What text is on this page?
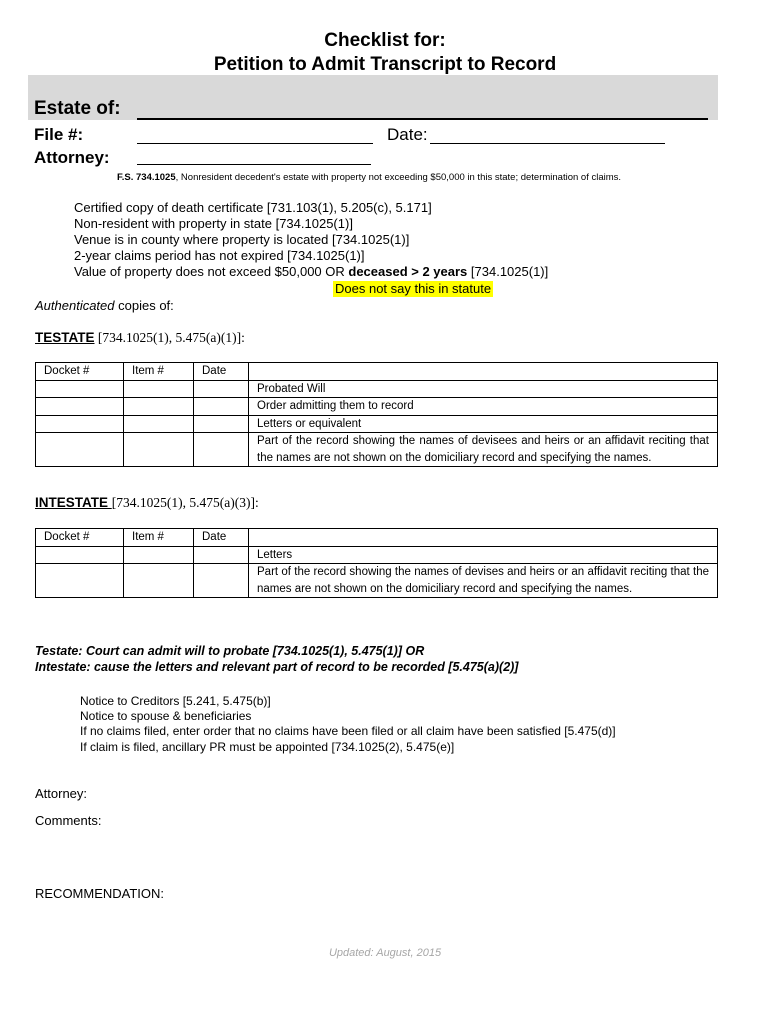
Checklist for:
Petition to Admit Transcript to Record
Estate of:
File #:	Date:
Attorney:
F.S. 734.1025, Nonresident decedent's estate with property not exceeding $50,000 in this state; determination of claims.
Certified copy of death certificate [731.103(1), 5.205(c), 5.171]
Non-resident with property in state [734.1025(1)]
Venue is in county where property is located [734.1025(1)]
2-year claims period has not expired [734.1025(1)]
Value of property does not exceed $50,000 OR deceased > 2 years [734.1025(1)]
Does not say this in statute
Authenticated copies of:
TESTATE [734.1025(1), 5.475(a)(1)]:
Docket #	Item #	Date	
			Probated Will
			Order admitting them to record
			Letters or equivalent
			Part of the record showing the names of devisees and heirs or an affidavit reciting that the names are not shown on the domiciliary record and specifying the names.
INTESTATE [734.1025(1), 5.475(a)(3)]:
Docket #	Item #	Date	
			Letters
			Part of the record showing the names of devises and heirs or an affidavit reciting that the names are not shown on the domiciliary record and specifying the names.
Testate: Court can admit will to probate [734.1025(1), 5.475(1)] OR
Intestate: cause the letters and relevant part of record to be recorded [5.475(a)(2)]
Notice to Creditors [5.241, 5.475(b)]
Notice to spouse & beneficiaries
If no claims filed, enter order that no claims have been filed or all claim have been satisfied [5.475(d)]
If claim is filed, ancillary PR must be appointed [734.1025(2), 5.475(e)]
Attorney:
Comments:
RECOMMENDATION:
Updated: August, 2015
